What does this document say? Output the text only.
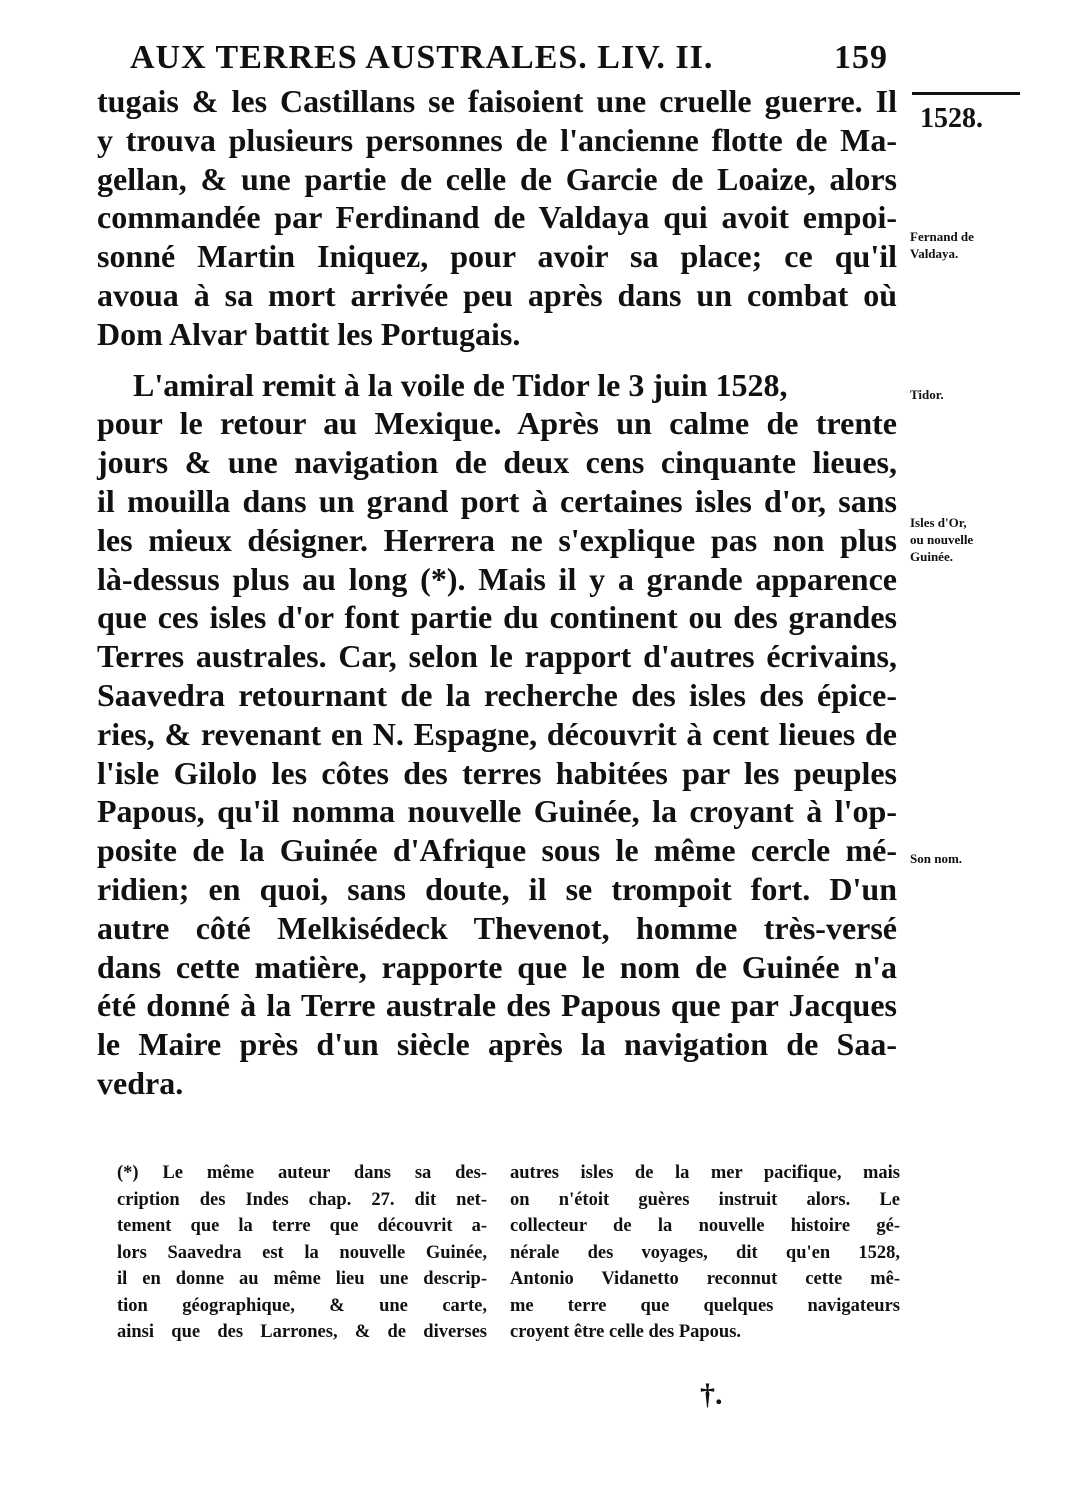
AUX TERRES AUSTRALES. LIV. II.	159
1528.
tugais & les Castillans se faisoient une cruelle guerre. Il
y trouva plusieurs personnes de l'ancienne flotte de Ma-
gellan, & une partie de celle de Garcie de Loaize, alors
commandée par Ferdinand de Valdaya qui avoit empoi-
sonné Martin Iniquez, pour avoir sa place; ce qu'il
avoua à sa mort arrivée peu après dans un combat où
Dom Alvar battit les Portugais.
L'amiral remit à la voile de Tidor le 3 juin 1528,
pour le retour au Mexique. Après un calme de trente
jours & une navigation de deux cens cinquante lieues,
il mouilla dans un grand port à certaines isles d'or, sans
les mieux désigner. Herrera ne s'explique pas non plus
là-dessus plus au long (*). Mais il y a grande apparence
que ces isles d'or font partie du continent ou des grandes
Terres australes. Car, selon le rapport d'autres écrivains,
Saavedra retournant de la recherche des isles des épice-
ries, & revenant en N. Espagne, découvrit à cent lieues de
l'isle Gilolo les côtes des terres habitées par les peuples
Papous, qu'il nomma nouvelle Guinée, la croyant à l'op-
posite de la Guinée d'Afrique sous le même cercle mé-
ridien; en quoi, sans doute, il se trompoit fort. D'un
autre côté Melkisédeck Thevenot, homme très-versé
dans cette matière, rapporte que le nom de Guinée n'a
été donné à la Terre australe des Papous que par Jacques
le Maire près d'un siècle après la navigation de Saa-
vedra.
Fernand de
Valdaya.
Tidor.
Isles d'Or,
ou nouvelle
Guinée.
Son nom.
(*) Le même auteur dans sa des-
cription des Indes chap. 27. dit net-
tement que la terre que découvrit a-
lors Saavedra est la nouvelle Guinée,
il en donne au même lieu une descrip-
tion géographique, & une carte,
ainsi que des Larrones, & de diverses
autres isles de la mer pacifique, mais
on n'étoit guères instruit alors. Le
collecteur de la nouvelle histoire gé-
nérale des voyages, dit qu'en 1528,
Antonio Vidanetto reconnut cette mê-
me terre que quelques navigateurs
croyent être celle des Papous.
†.
